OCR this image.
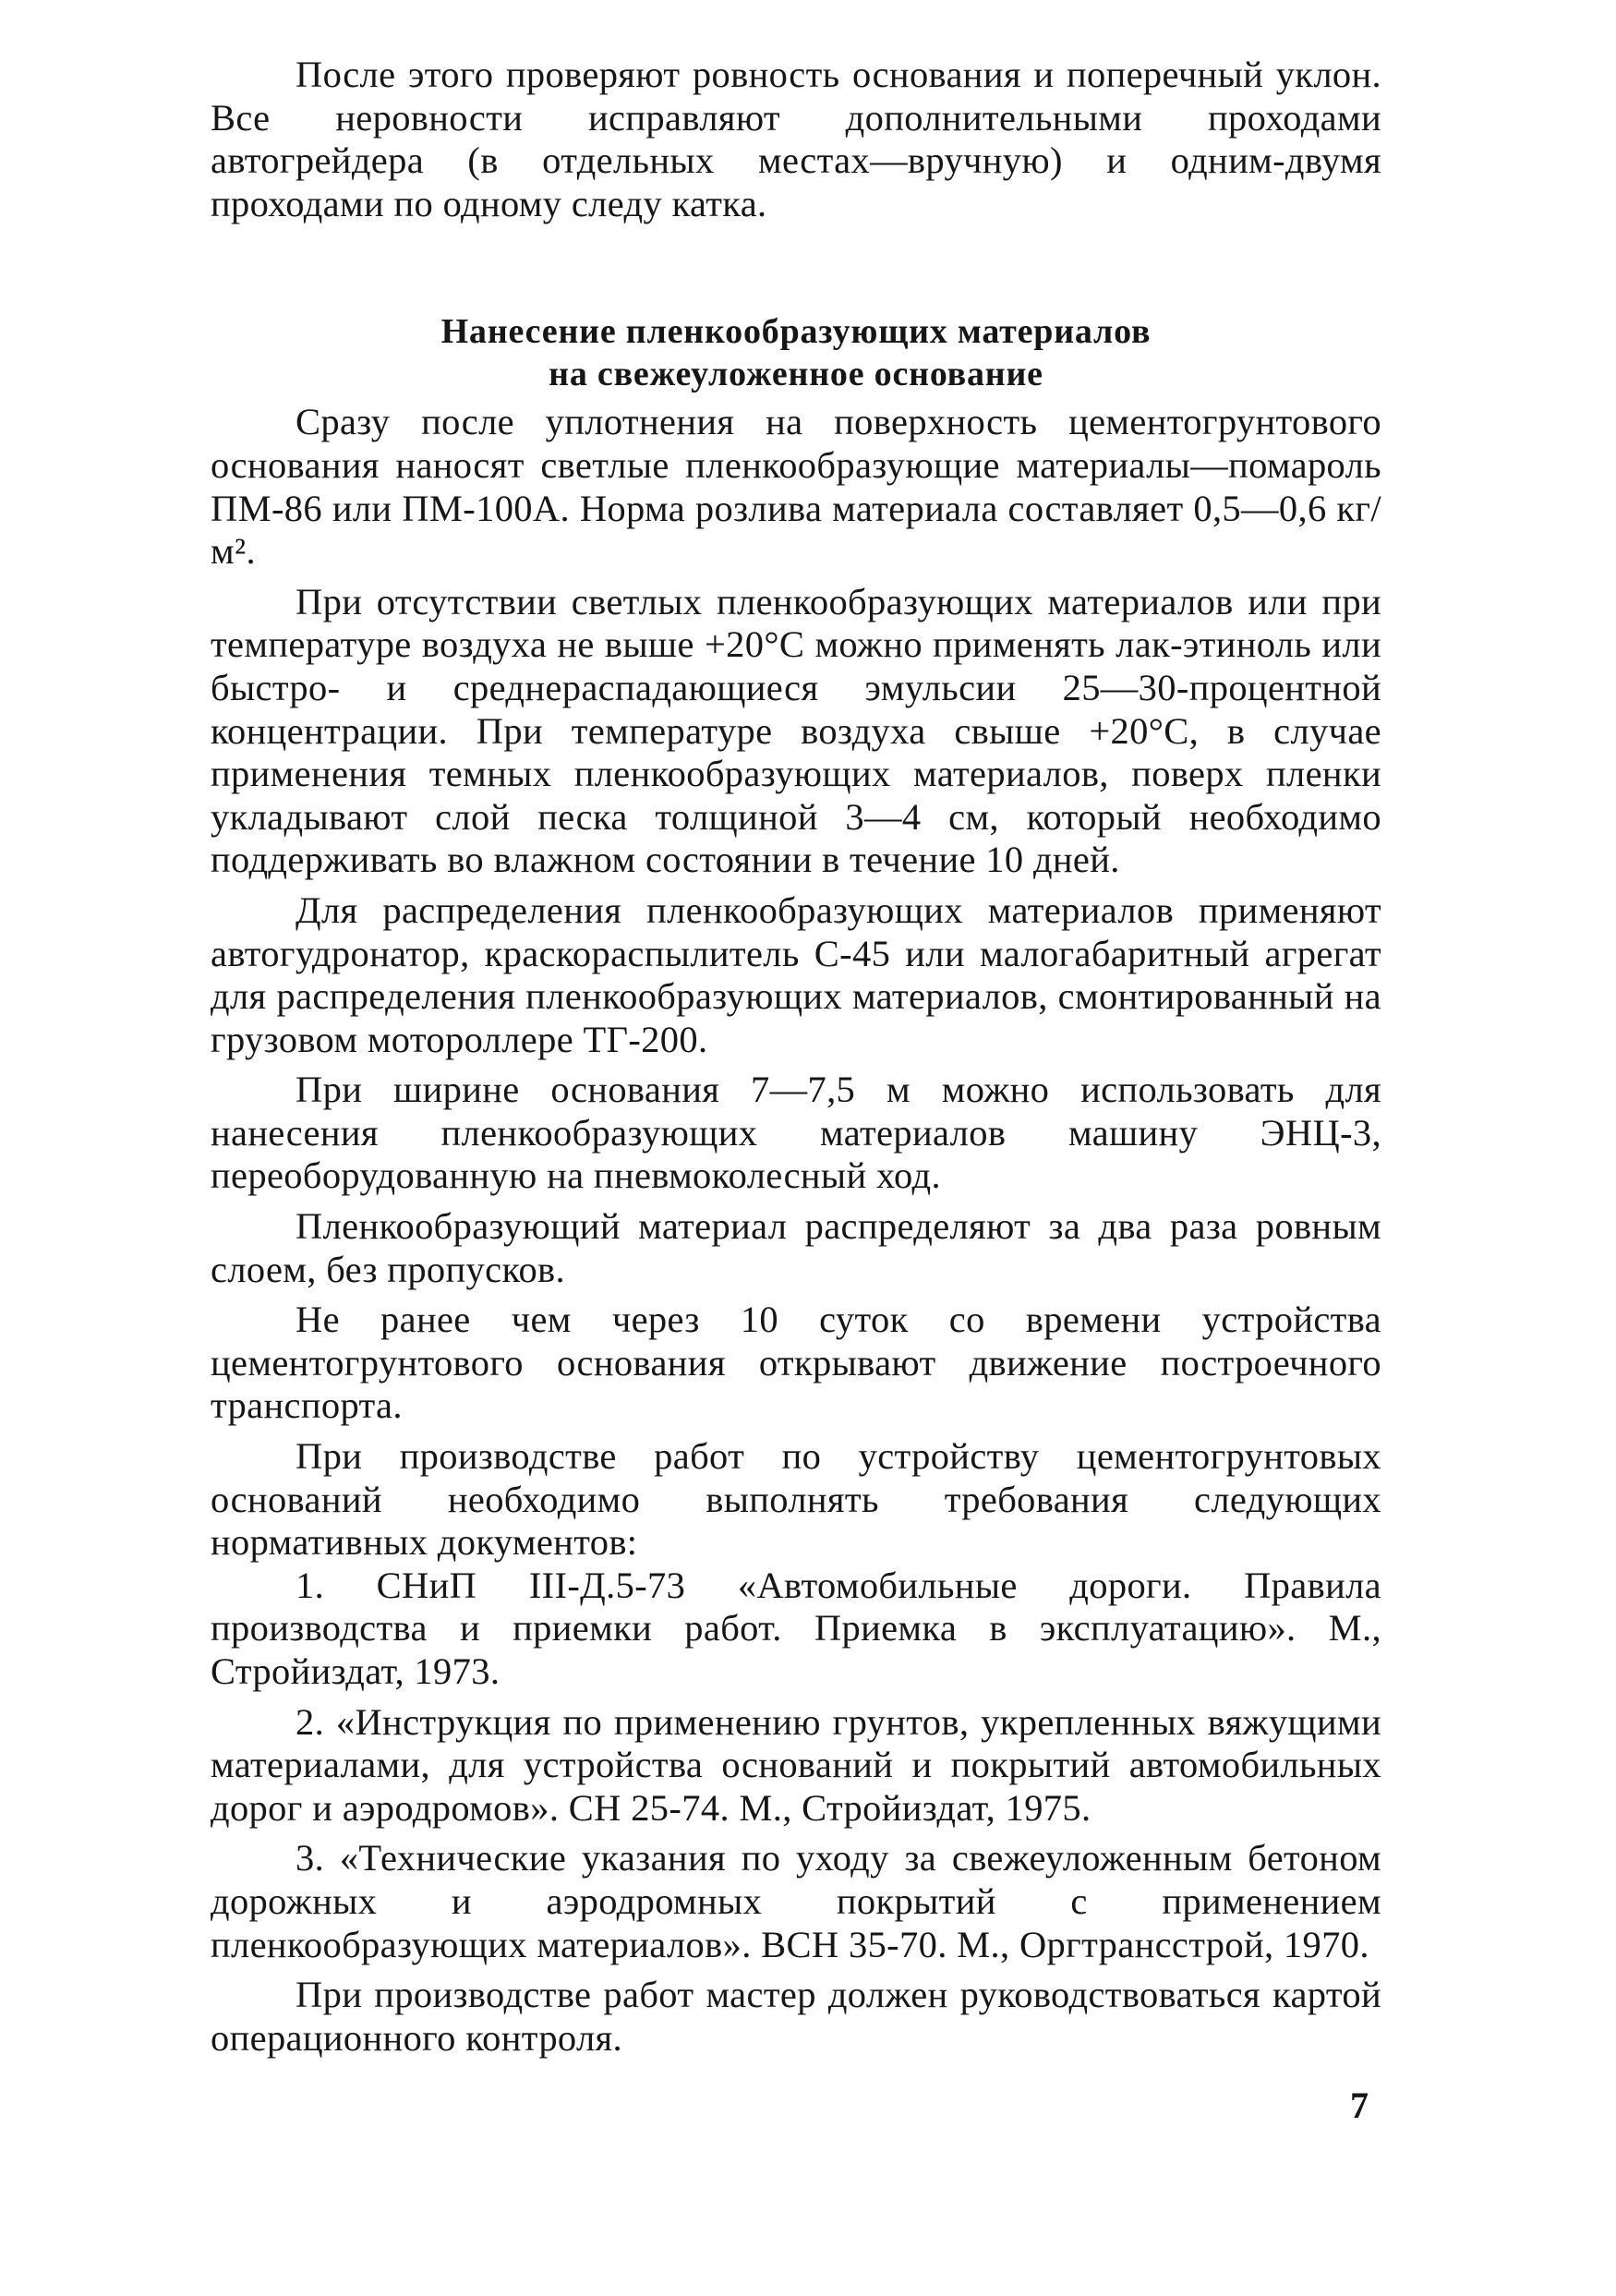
После этого проверяют ровность основания и поперечный уклон. Все неровности исправляют дополнительными проходами автогрейдера (в отдельных местах—вручную) и одним-двумя проходами по одному следу катка.

Нанесение пленкообразующих материалов

на свежеуложенное основание

Сразу после уплотнения на поверхность цементогрунтового основания наносят светлые пленкообразующие материалы—помароль ПМ-86 или ПМ-100А. Норма розлива материала составляет 0,5—0,6 кг/м².

При отсутствии светлых пленкообразующих материалов или при температуре воздуха не выше +20°С можно применять лак-этиноль или быстро- и среднераспадающиеся эмульсии 25—30-процентной концентрации. При температуре воздуха свыше +20°С, в случае применения темных пленкообразующих материалов, поверх пленки укладывают слой песка толщиной 3—4 см, который необходимо поддерживать во влажном состоянии в течение 10 дней.

Для распределения пленкообразующих материалов применяют автогудронатор, краскораспылитель С-45 или малогабаритный агрегат для распределения пленкообразующих материалов, смонтированный на грузовом мотороллере ТГ-200.

При ширине основания 7—7,5 м можно использовать для нанесения пленкообразующих материалов машину ЭНЦ-3, переоборудованную на пневмоколесный ход.

Пленкообразующий материал распределяют за два раза ровным слоем, без пропусков.

Не ранее чем через 10 суток со времени устройства цементогрунтового основания открывают движение построечного транспорта.

При производстве работ по устройству цементогрунтовых оснований необходимо выполнять требования следующих нормативных документов:

1. СНиП III-Д.5-73 «Автомобильные дороги. Правила производства и приемки работ. Приемка в эксплуатацию». М., Стройиздат, 1973.

2. «Инструкция по применению грунтов, укрепленных вяжущими материалами, для устройства оснований и покрытий автомобильных дорог и аэродромов». СН 25-74. М., Стройиздат, 1975.

3. «Технические указания по уходу за свежеуложенным бетоном дорожных и аэродромных покрытий с применением пленкообразующих материалов». ВСН 35-70. М., Оргтрансстрой, 1970.

При производстве работ мастер должен руководствоваться картой операционного контроля.

7
